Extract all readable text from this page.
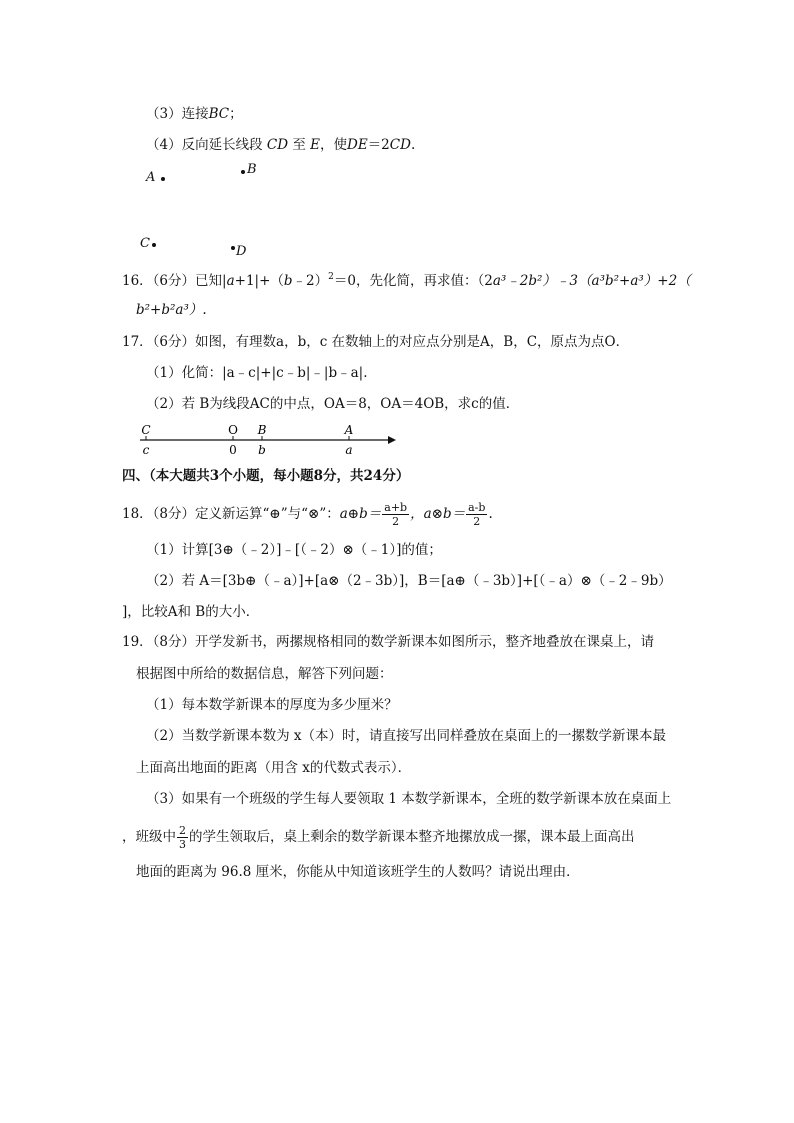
（3）连接BC；
（4）反向延长线段 CD 至 E，使DE＝2CD.
A
B
C
D
16．（6分）已知|a+1|+（b﹣2）$^2$＝0，先化简，再求值：（2a³﹣2b²）﹣3（a³b²+a³）+2（
b²+b²a³）.
17．（6分）如图，有理数a，b，c 在数轴上的对应点分别是A，B，C，原点为点O．
（1）化简：|a﹣c|+|c﹣b|﹣|b﹣a|.
（2）若 B为线段AC的中点，OA＝8，OA＝4OB，求c的值．
C
c
O
0
B
b
A
a
四、（本大题共3个小题，每小题8分，共24分）
18．（8分）定义新运算“⊕”与“⊗”：a⊕b＝ $\frac{a+b}{2}$ ，a⊗b＝ $\frac{a-b}{2}$ .
（1）计算[3⊕（﹣2）]﹣[（﹣2）⊗（﹣1）]的值；
（2）若 A＝[3b⊕（﹣a）]+[a⊗（2﹣3b）]，B＝[a⊕（﹣3b）]+[（﹣a）⊗（﹣2﹣9b）
]，比较A和 B的大小．
19．（8分）开学发新书，两摞规格相同的数学新课本如图所示，整齐地叠放在课桌上，请
根据图中所给的数据信息，解答下列问题：
（1）每本数学新课本的厚度为多少厘米？
（2）当数学新课本数为 x（本）时，请直接写出同样叠放在桌面上的一摞数学新课本最
上面高出地面的距离（用含 x的代数式表示）．
（3）如果有一个班级的学生每人要领取 1 本数学新课本，全班的数学新课本放在桌面上
，班级中 $\frac{2}{3}$ 的学生领取后，桌上剩余的数学新课本整齐地摞放成一摞，课本最上面高出
地面的距离为 96.8 厘米，你能从中知道该班学生的人数吗？请说出理由．
